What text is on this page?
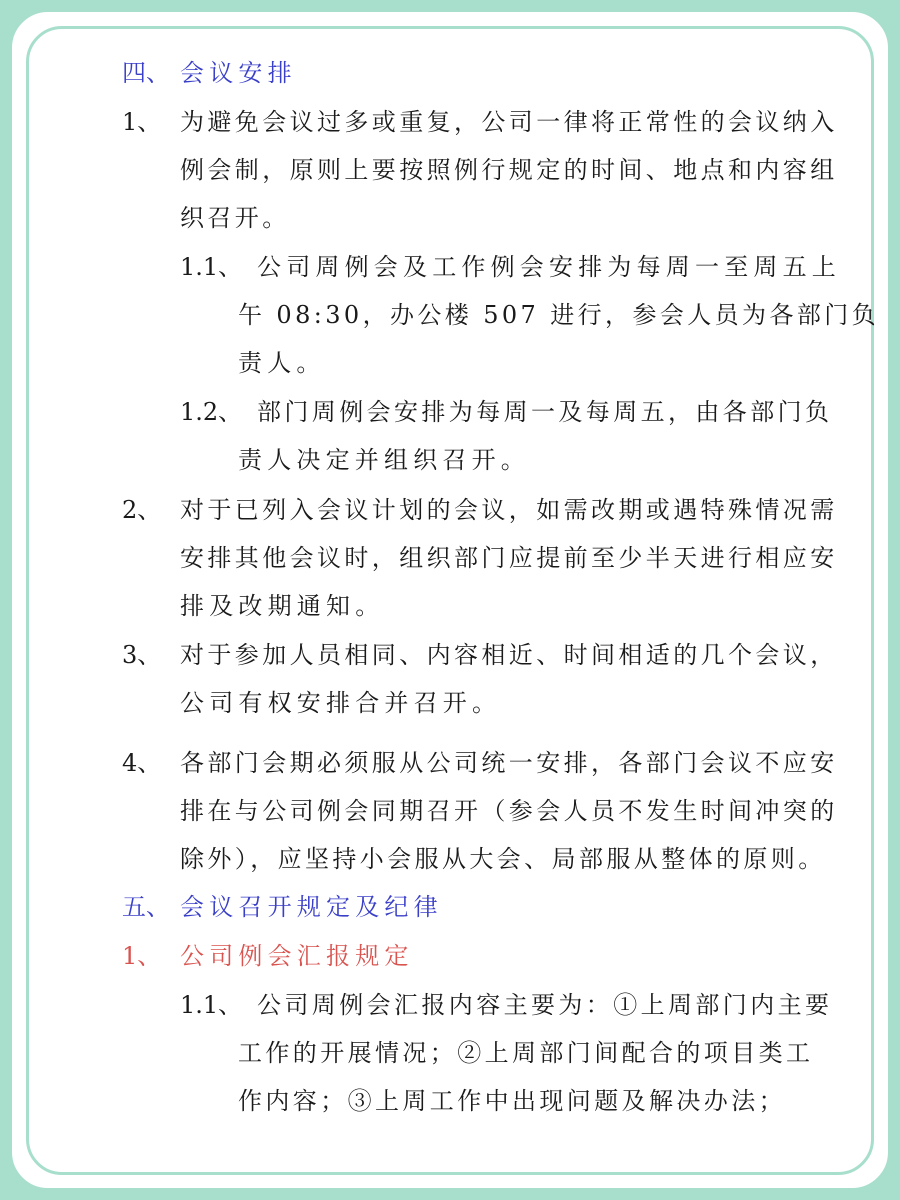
四、 会议安排
1、 为避免会议过多或重复，公司一律将正常性的会议纳入
例会制，原则上要按照例行规定的时间、地点和内容组
织召开。
1.1、 公司周例会及工作例会安排为每周一至周五上
午 08:30，办公楼 507 进行，参会人员为各部门负
责人。
1.2、 部门周例会安排为每周一及每周五，由各部门负
责人决定并组织召开。
2、 对于已列入会议计划的会议，如需改期或遇特殊情况需
安排其他会议时，组织部门应提前至少半天进行相应安
排及改期通知。
3、 对于参加人员相同、内容相近、时间相适的几个会议，
公司有权安排合并召开。
4、 各部门会期必须服从公司统一安排，各部门会议不应安
排在与公司例会同期召开（参会人员不发生时间冲突的
除外），应坚持小会服从大会、局部服从整体的原则。
五、 会议召开规定及纪律
1、 公司例会汇报规定
1.1、 公司周例会汇报内容主要为：①上周部门内主要
工作的开展情况；②上周部门间配合的项目类工
作内容；③上周工作中出现问题及解决办法；
